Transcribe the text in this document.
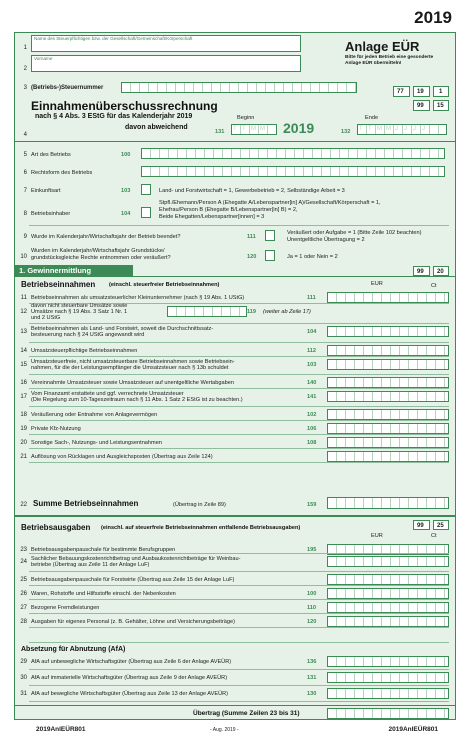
2019
1
Name des Steuerpflichtigen bzw. der Gesellschaft/Gemeinschaft/Körperschaft
2
Vorname
Anlage EÜR
Bitte für jeden Betrieb eine gesonderte Anlage EÜR übermitteln!
3 (Betriebs-)Steuernummer
77 19	1
99 15
Einnahmenüberschussrechnung
nach § 4 Abs. 3 EStG für das Kalenderjahr 2019	Beginn	Ende
4
davon abweichend
131 T T M M 2019	132 T T M M J J J J
5 Art des Betriebs	100
6 Rechtsform des Betriebs
7 Einkunftsart	103	Land- und Forstwirtschaft = 1, Gewerbebetrieb = 2, Selbständige Arbeit = 3
8 Betriebsinhaber	104
Stpfl./Ehemann/Person A (Ehegatte A/Lebenspartner[in] A)/Gesellschaft/Körperschaft = 1,
Ehefrau/Person B (Ehegatte B/Lebenspartner[in] B) = 2,
Beide Ehegatten/Lebenspartner[innen] = 3
9 Wurde im Kalenderjahr/Wirtschaftsjahr der Betrieb beendet?	111
Veräußert oder Aufgabe = 1 (Bitte Zeile 102 beachten)
Unentgeltliche Übertragung = 2
10
Wurden im Kalenderjahr/Wirtschaftsjahr Grundstücke/
grundstücksgleiche Rechte entnommen oder veräußert?	120	Ja = 1 oder Nein = 2
1. Gewinnermittlung	99 20
Betriebseinnahmen (einschl. steuerfreier Betriebseinnahmen)	EUR	Ct
11 Betriebseinnahmen als umsatzsteuerlicher Kleinunternehmer (nach § 19 Abs. 1 UStG)	111
12
davon nicht steuerbare Umsätze sowie
Umsätze nach § 19 Abs. 3 Satz 1 Nr. 1
und 2 UStG
(weiter ab Zeile 17)
119
13
Betriebseinnahmen als Land- und Forstwirt, soweit die Durchschnittssatz-
besteuerung nach § 24 UStG angewandt wird
104
14 Umsatzsteuerpflichtige Betriebseinnahmen	112
15
Umsatzsteuerfreie, nicht umsatzsteuerbare Betriebseinnahmen sowie Betriebsein-
nahmen, für die der Leistungsempfänger die Umsatzsteuer nach § 13b schuldet
103
16 Vereinnahmte Umsatzsteuer sowie Umsatzsteuer auf unentgeltliche Wertabgaben	140
17
Vom Finanzamt erstattete und ggf. verrechnete Umsatzsteuer
(Die Regelung zum 10-Tageszeitraum nach § 11 Abs. 1 Satz 2 EStG ist zu beachten.)
141
18 Veräußerung oder Entnahme von Anlagevermögen	102
19 Private Kfz-Nutzung	106
20 Sonstige Sach-, Nutzungs- und Leistungsentnahmen	108
21 Auflösung von Rücklagen und Ausgleichsposten (Übertrag aus Zeile 124)
22 Summe Betriebseinnahmen	(Übertrag in Zeile 89)	159
Betriebsausgaben (einschl. auf steuerfreie Betriebseinnahmen entfallende Betriebsausgaben)	99 25
EUR	Ct
23 Betriebsausgabenpauschale für bestimmte Berufsgruppen	195
24
Sachlicher Bebauungskostenrichtbetrag und Ausbaukostenrichtbeträge für Weinbau-
betriebe (Übertrag aus Zeile 11 der Anlage LuF)
25 Betriebsausgabenpauschale für Forstwirte (Übertrag aus Zeile 15 der Anlage LuF)
26 Waren, Rohstoffe und Hilfsstoffe einschl. der Nebenkosten	100
27 Bezogene Fremdleistungen	110
28 Ausgaben für eigenes Personal (z. B. Gehälter, Löhne und Versicherungsbeiträge)	120
Absetzung für Abnutzung (AfA)
29 AfA auf unbewegliche Wirtschaftsgüter (Übertrag aus Zeile 6 der Anlage AVEÜR)	136
30 AfA auf immaterielle Wirtschaftsgüter (Übertrag aus Zeile 9 der Anlage AVEÜR)	131
31 AfA auf bewegliche Wirtschaftsgüter (Übertrag aus Zeile 13 der Anlage AVEÜR)	130
Übertrag (Summe Zeilen 23 bis 31)
2019AnlEÜR801	- Aug. 2019 -	2019AnlEÜR801
